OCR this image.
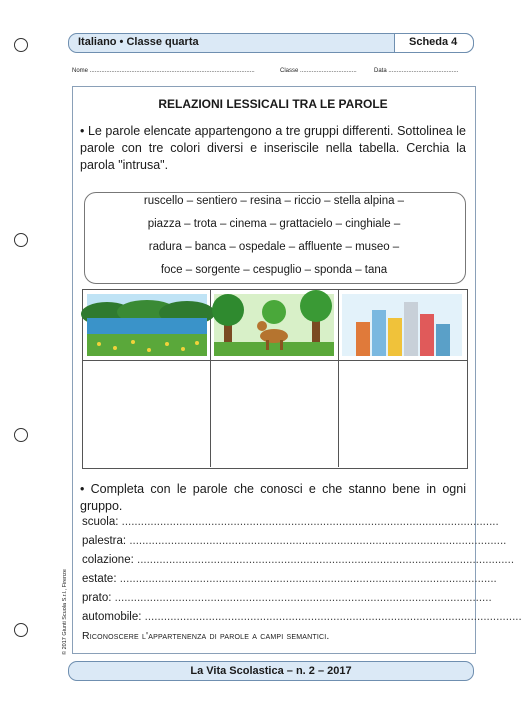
Italiano • Classe quarta	Scheda 4
Nome ...................................................................................................	Classe ..................................	Data ..........................................
RELAZIONI LESSICALI TRA LE PAROLE
• Le parole elencate appartengono a tre gruppi differenti. Sottolinea le parole con tre colori diversi e inseriscile nella tabella. Cerchia la parola "intrusa".
ruscello – sentiero – resina – riccio – stella alpina –
piazza – trota – cinema – grattacielo – cinghiale –
radura – banca – ospedale – affluente – museo –
foce – sorgente – cespuglio – sponda – tana
• Completa con le parole che conosci e che stanno bene in ogni gruppo.
scuola: ......................................................................................................................
palestra: ......................................................................................................................
colazione: ......................................................................................................................
estate: ......................................................................................................................
prato: ......................................................................................................................
automobile: ......................................................................................................................
Riconoscere l'appartenenza di parole a campi semantici.
© 2017 Giunti Scuola S.r.l., Firenze
La Vita Scolastica – n. 2 – 2017
